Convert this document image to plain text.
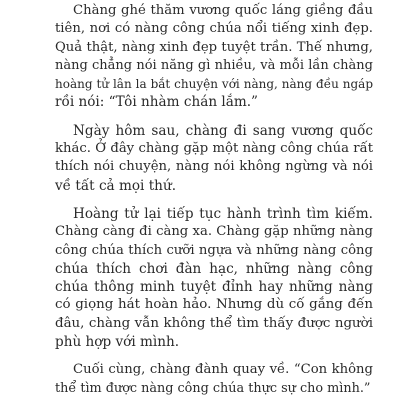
Chàng ghé thăm vương quốc láng giềng đầu
tiên, nơi có nàng công chúa nổi tiếng xinh đẹp.
Quả thật, nàng xinh đẹp tuyệt trần. Thế nhưng,
nàng chẳng nói năng gì nhiều, và mỗi lần chàng
hoàng tử lân la bắt chuyện với nàng, nàng đều ngáp
rồi nói: “Tôi nhàm chán lắm.”
Ngày hôm sau, chàng đi sang vương quốc
khác. Ở đây chàng gặp một nàng công chúa rất
thích nói chuyện, nàng nói không ngừng và nói
về tất cả mọi thứ.
Hoàng tử lại tiếp tục hành trình tìm kiếm.
Chàng càng đi càng xa. Chàng gặp những nàng
công chúa thích cưỡi ngựa và những nàng công
chúa thích chơi đàn hạc, những nàng công
chúa thông minh tuyệt đỉnh hay những nàng
có giọng hát hoàn hảo. Nhưng dù cố gắng đến
đâu, chàng vẫn không thể tìm thấy được người
phù hợp với mình.
Cuối cùng, chàng đành quay về. “Con không
thể tìm được nàng công chúa thực sự cho mình.”
